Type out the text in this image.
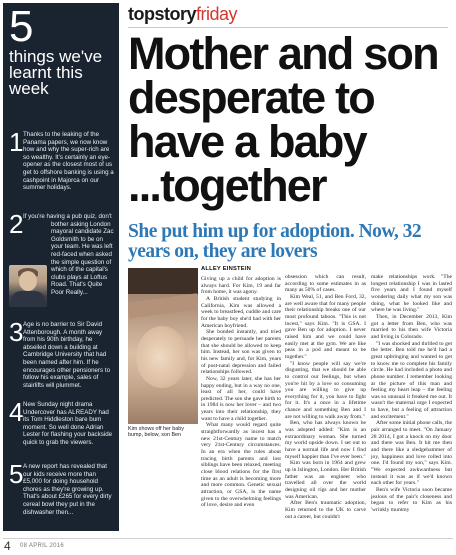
5
things we've learnt this week
1 Thanks to the leaking of the Panama papers, we now know how and why the super-rich are so wealthy. It's certainly an eye-opener as the closest most of us get to offshore banking is using a cashpoint in Majorca on our summer holidays.
2 If you're having a pub quiz, don't bother asking London mayoral candidate Zac Goldsmith to be on your team. He was left red-faced when asked the simple question of which of the capital's clubs plays at Loftus Road. That's Quite Poor Really...
3 Age is no barrier to Sir David Attenborough. A month away from his 90th birthday, he abseiled down a building at Cambridge University that had been named after him. If he encourages other pensioners to follow his example, sales of stairlifts will plummet.
4 New Sunday night drama Undercover has ALREADY had its Tom Hiddleston bare bum moment. So well done Adrian Lester for flashing your backside quick to grab the viewers.
5 A new report has revealed that our kids receive more than £5,000 for doing household chores as they're growing up. That's about £265 for every dirty cereal bowl they put in the dishwasher then...
topstoryfriday
Mother and son desperate to have a baby ...together
She put him up for adoption. Now, 32 years on, they are lovers
Kim shows off her baby bump, below, son Ben
ALLEY EINSTEIN

Giving up a child for adoption is always hard. For Kim, 19 and far from home, it was agony.

A British student studying in California, Kim was allowed a week to breastfeed, cuddle and care for the baby boy she'd had with her American boyfriend.

She bonded instantly, and tried desperately to persuade her parents that she should be allowed to keep him. Instead, her son was given to his new family and, for Kim, years of post-natal depression and failed relationships followed.

Now, 32 years later, she has her happy ending, but in a way no one, least of all her, could have predicted. The son she gave birth to in 1984 is now her lover – and two years into their relationship, they want to have a child together.

What many would regard quite straightforwardly as incest has a new 21st-Century name to match very 21st-Century circumstances. In an era when the rules about tracing birth parents and lost siblings have been relaxed, meeting close blood relations for the first time as an adult is becoming more and more common. Genetic sexual attraction, or GSA, is the name given to the overwhelming feelings of love, desire and even

obsession which can result, according to some estimates in as many as 50% of cases.

Kim Weal, 51, and Ben Ford, 32, are well aware that for many people their relationship breaks one of our most profound taboos. "This is not incest," says Kim. "It is GSA. I gave Ben up for adoption. I never raised him and we could have easily met at the gym. We are like peas in a pod and meant to be together."

"I know people will say we're disgusting, that we should be able to control our feelings, but when you're hit by a love so consuming you are willing to give up everything for it, you have to fight for it. It's a once in a lifetime chance and something Ben and I are not willing to walk away from."

Ben, who has always known he was adopted added: "Kim is an extraordinary woman. She turned my world upside down. I set out to have a normal life and now I find myself happier than I've ever been."

Kim was born in 1964 and grew up in Islington, London. Her British father was an engineer who travelled all over the world designing oil rigs and her mother was American.

After Ben's traumatic adoption, Kim returned to the UK to carve out a career, but couldn't

make relationships work. "The longest relationship I was in lasted five years and I found myself wondering daily what my son was doing, what he looked like and where he was living."

Then, in December 2013, Kim got a letter from Ben, who was married to his then wife Victoria and living in Colorado.

"I was shocked and thrilled to get the letter. Ben told me he'd had a great upbringing and wanted to get to know me to complete his family circle. He had included a photo and phone number. I remember looking at the picture of this man and feeling my heart leap – the feeling was so unusual it freaked me out. It wasn't the maternal urge I expected to have, but a feeling of attraction and excitement."

After some initial phone calls, the pair arranged to meet. "On January 28 2014, I got a knock on my door and there was Ben. It hit me then and there like a sledgehammer of joy, happiness and love rolled into one. I'd found my son," says Kim. "We expected awkwardness but instead it was as if we'd known each other for years."

Ben's wife Victoria soon became jealous of the pair's closeness and began to refer to Kim as his 'wrinkly mummy

4 08 APRIL 2016
